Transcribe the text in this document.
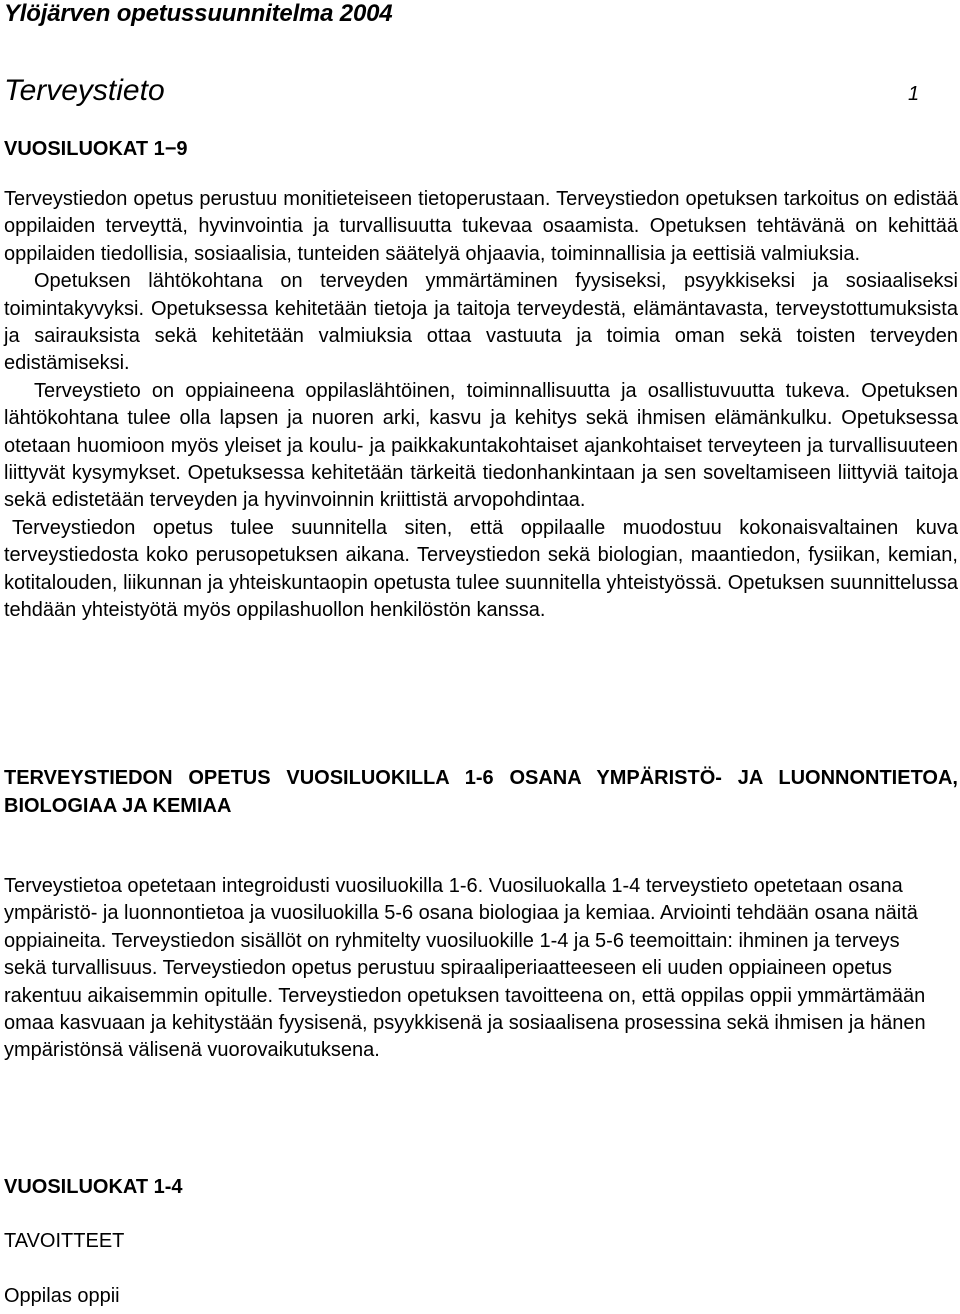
Ylöjärven opetussuunnitelma 2004
Terveystieto	1
VUOSILUOKAT 1−9

Terveystiedon opetus perustuu monitieteiseen tietoperustaan. Terveystiedon opetuksen tarkoitus on edistää oppilaiden terveyttä, hyvinvointia ja turvallisuutta tukevaa osaamista. Opetuksen tehtävänä on kehittää oppilaiden tiedollisia, sosiaalisia, tunteiden säätelyä ohjaavia, toiminnallisia ja eettisiä valmiuksia.

Opetuksen lähtökohtana on terveyden ymmärtäminen fyysiseksi, psyykkiseksi ja sosiaaliseksi toimintakyvyksi. Opetuksessa kehitetään tietoja ja taitoja terveydestä, elämäntavasta, terveystottumuksista ja sairauksista sekä kehitetään valmiuksia ottaa vastuuta ja toimia oman sekä toisten terveyden edistämiseksi.

Terveystieto on oppiaineena oppilaslähtöinen, toiminnallisuutta ja osallistuvuutta tukeva. Opetuksen lähtökohtana tulee olla lapsen ja nuoren arki, kasvu ja kehitys sekä ihmisen elämänkulku. Opetuksessa otetaan huomioon myös yleiset ja koulu- ja paikkakuntakohtaiset ajankohtaiset terveyteen ja turvallisuuteen liittyvät kysymykset. Opetuksessa kehitetään tärkeitä tiedonhankintaan ja sen soveltamiseen liittyviä taitoja sekä edistetään terveyden ja hyvinvoinnin kriittistä arvopohdintaa.

Terveystiedon opetus tulee suunnitella siten, että oppilaalle muodostuu kokonaisvaltainen kuva terveystiedosta koko perusopetuksen aikana. Terveystiedon sekä biologian, maantiedon, fysiikan, kemian, kotitalouden, liikunnan ja yhteiskuntaopin opetusta tulee suunnitella yhteistyössä. Opetuksen suunnittelussa tehdään yhteistyötä myös oppilashuollon henkilöstön kanssa.

TERVEYSTIEDON OPETUS VUOSILUOKILLA 1-6 OSANA YMPÄRISTÖ- JA LUONNONTIETOA, BIOLOGIAA JA KEMIAA

Terveystietoa opetetaan integroidusti vuosiluokilla 1-6. Vuosiluokalla 1-4 terveystieto opetetaan osana ympäristö- ja luonnontietoa ja vuosiluokilla 5-6 osana biologiaa ja kemiaa. Arviointi tehdään osana näitä oppiaineita. Terveystiedon sisällöt on ryhmitelty vuosiluokille 1-4 ja 5-6 teemoittain: ihminen ja terveys sekä turvallisuus. Terveystiedon opetus perustuu spiraaliperiaatteeseen eli uuden oppiaineen opetus rakentuu aikaisemmin opitulle. Terveystiedon opetuksen tavoitteena on, että oppilas oppii ymmärtämään omaa kasvuaan ja kehitystään fyysisenä, psyykkisenä ja sosiaalisena prosessina sekä ihmisen ja hänen ympäristönsä välisenä vuorovaikutuksena.

VUOSILUOKAT 1-4
TAVOITTEET
Oppilas oppii
